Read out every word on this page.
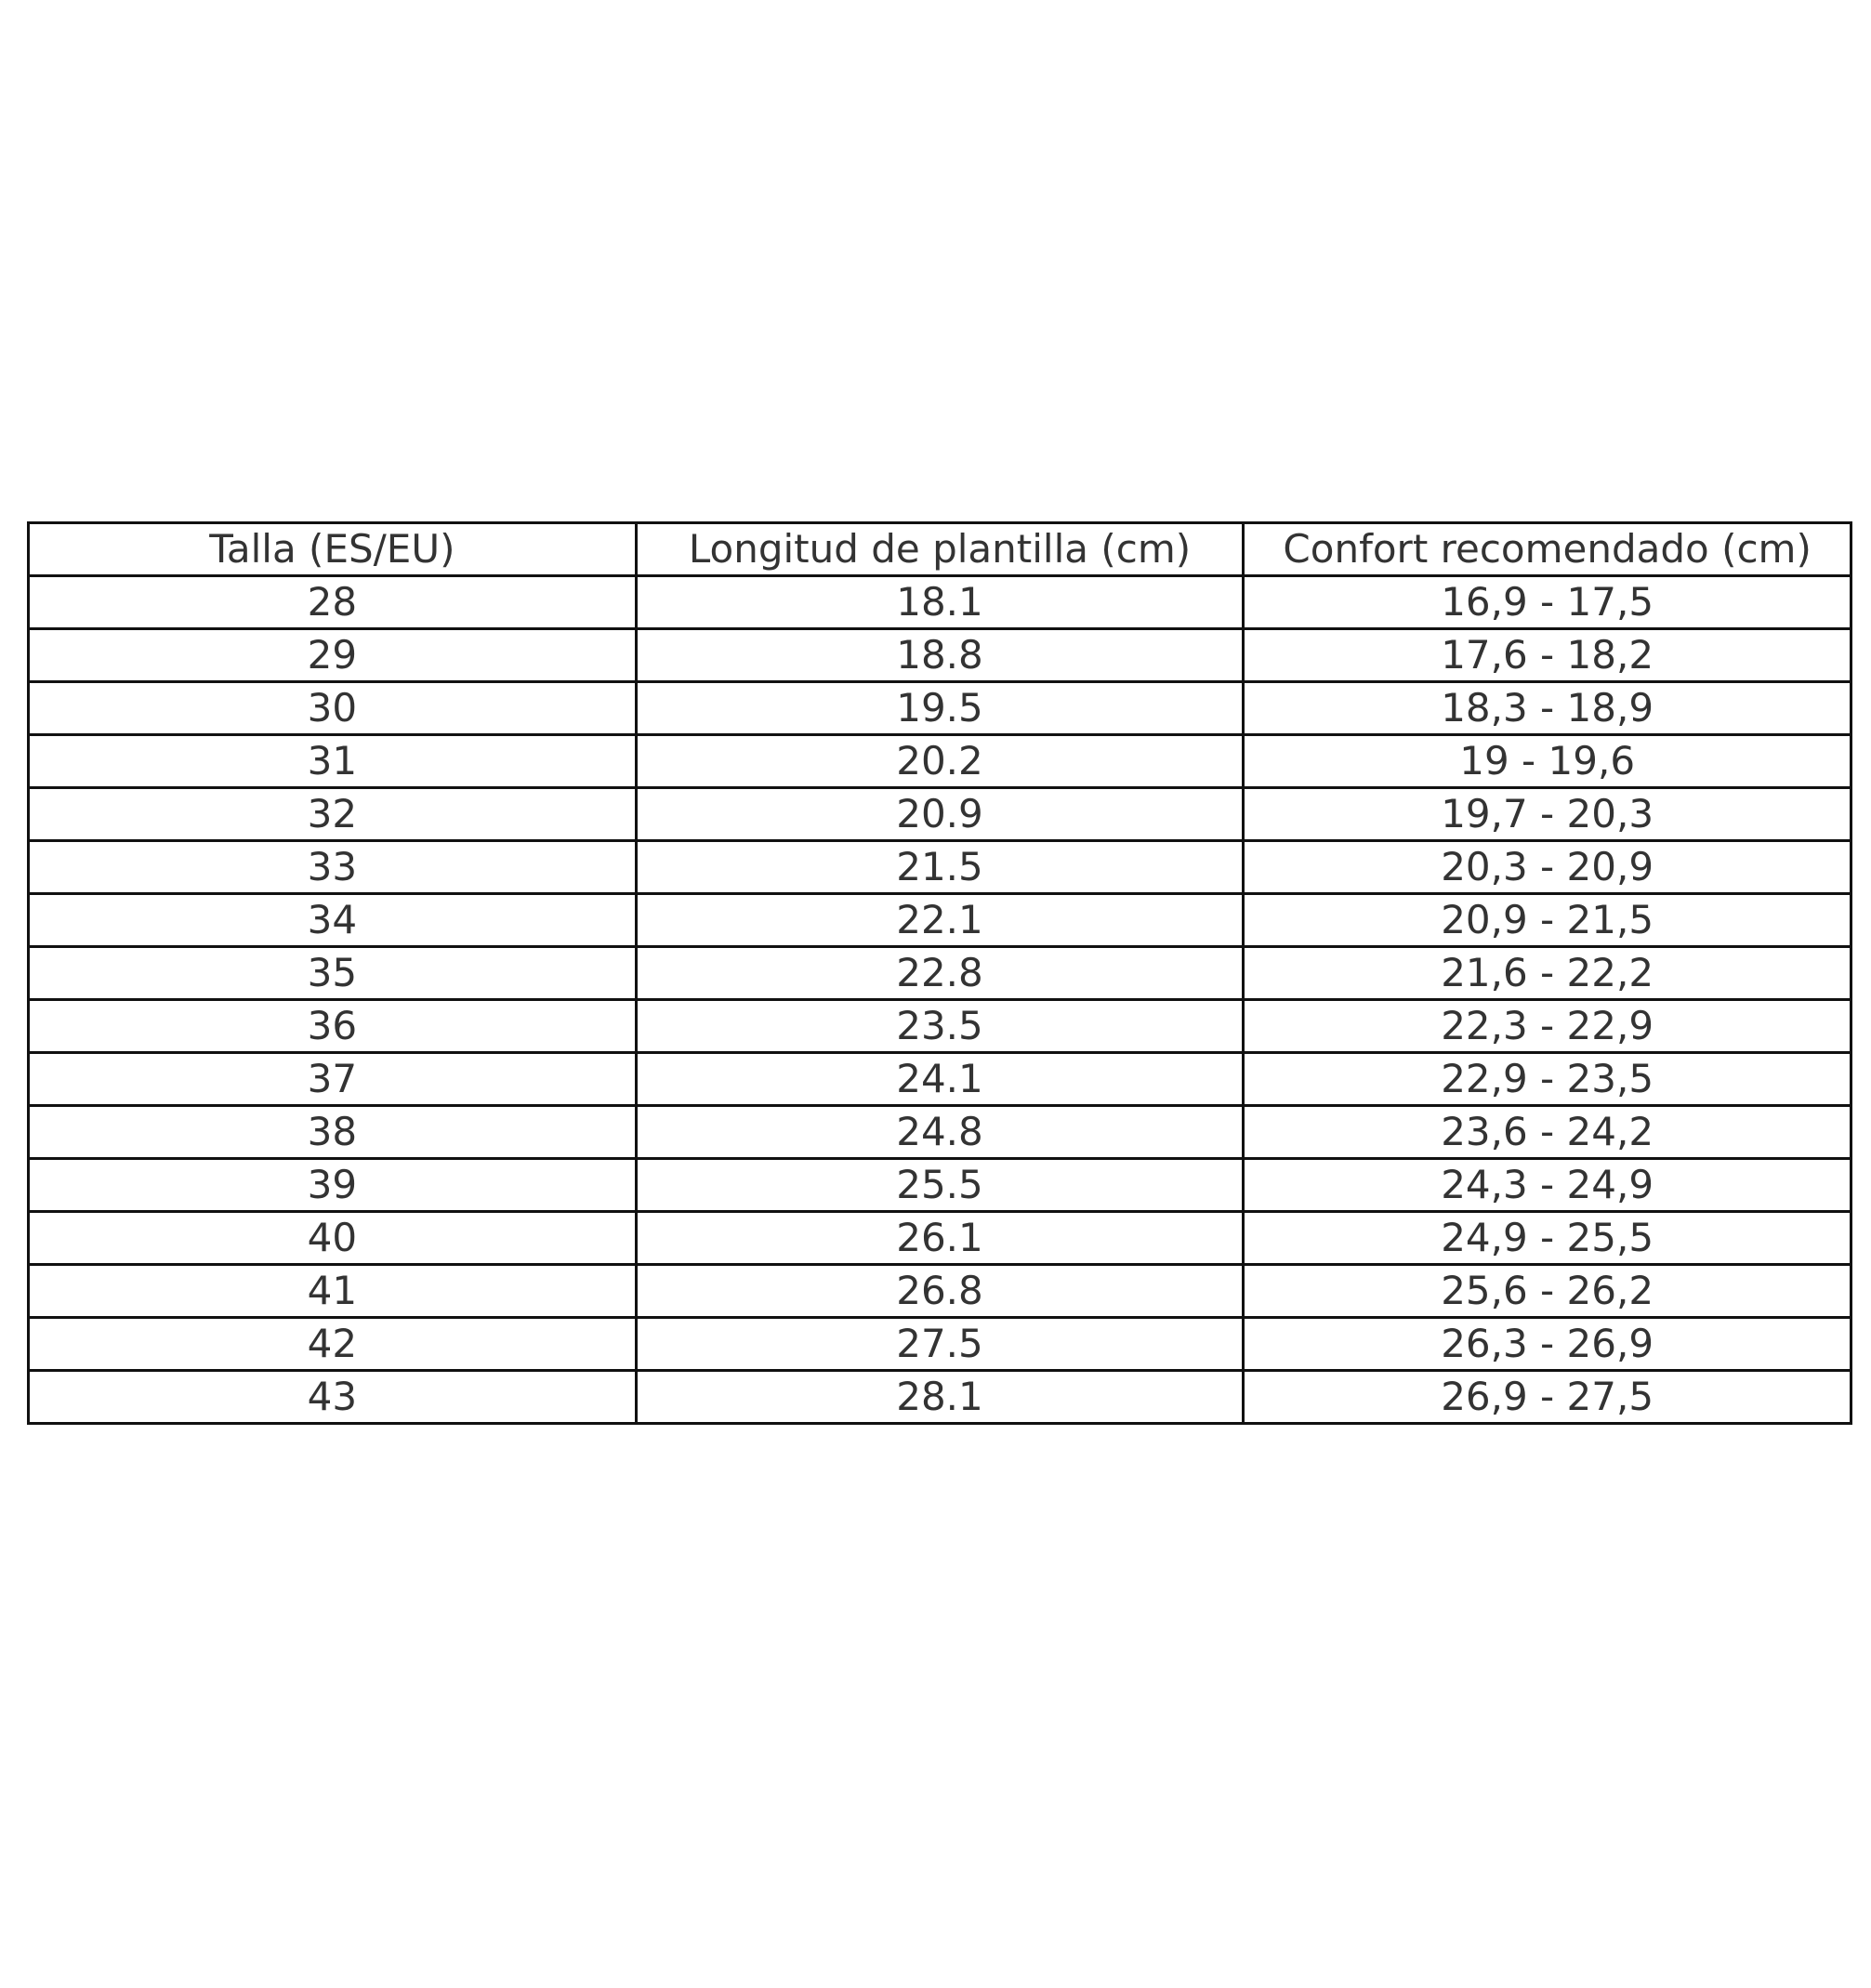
Talla (ES/EU)	Longitud de plantilla (cm)	Confort recomendado (cm)
28	18.1	16,9 - 17,5
29	18.8	17,6 - 18,2
30	19.5	18,3 - 18,9
31	20.2	19 - 19,6
32	20.9	19,7 - 20,3
33	21.5	20,3 - 20,9
34	22.1	20,9 - 21,5
35	22.8	21,6 - 22,2
36	23.5	22,3 - 22,9
37	24.1	22,9 - 23,5
38	24.8	23,6 - 24,2
39	25.5	24,3 - 24,9
40	26.1	24,9 - 25,5
41	26.8	25,6 - 26,2
42	27.5	26,3 - 26,9
43	28.1	26,9 - 27,5
